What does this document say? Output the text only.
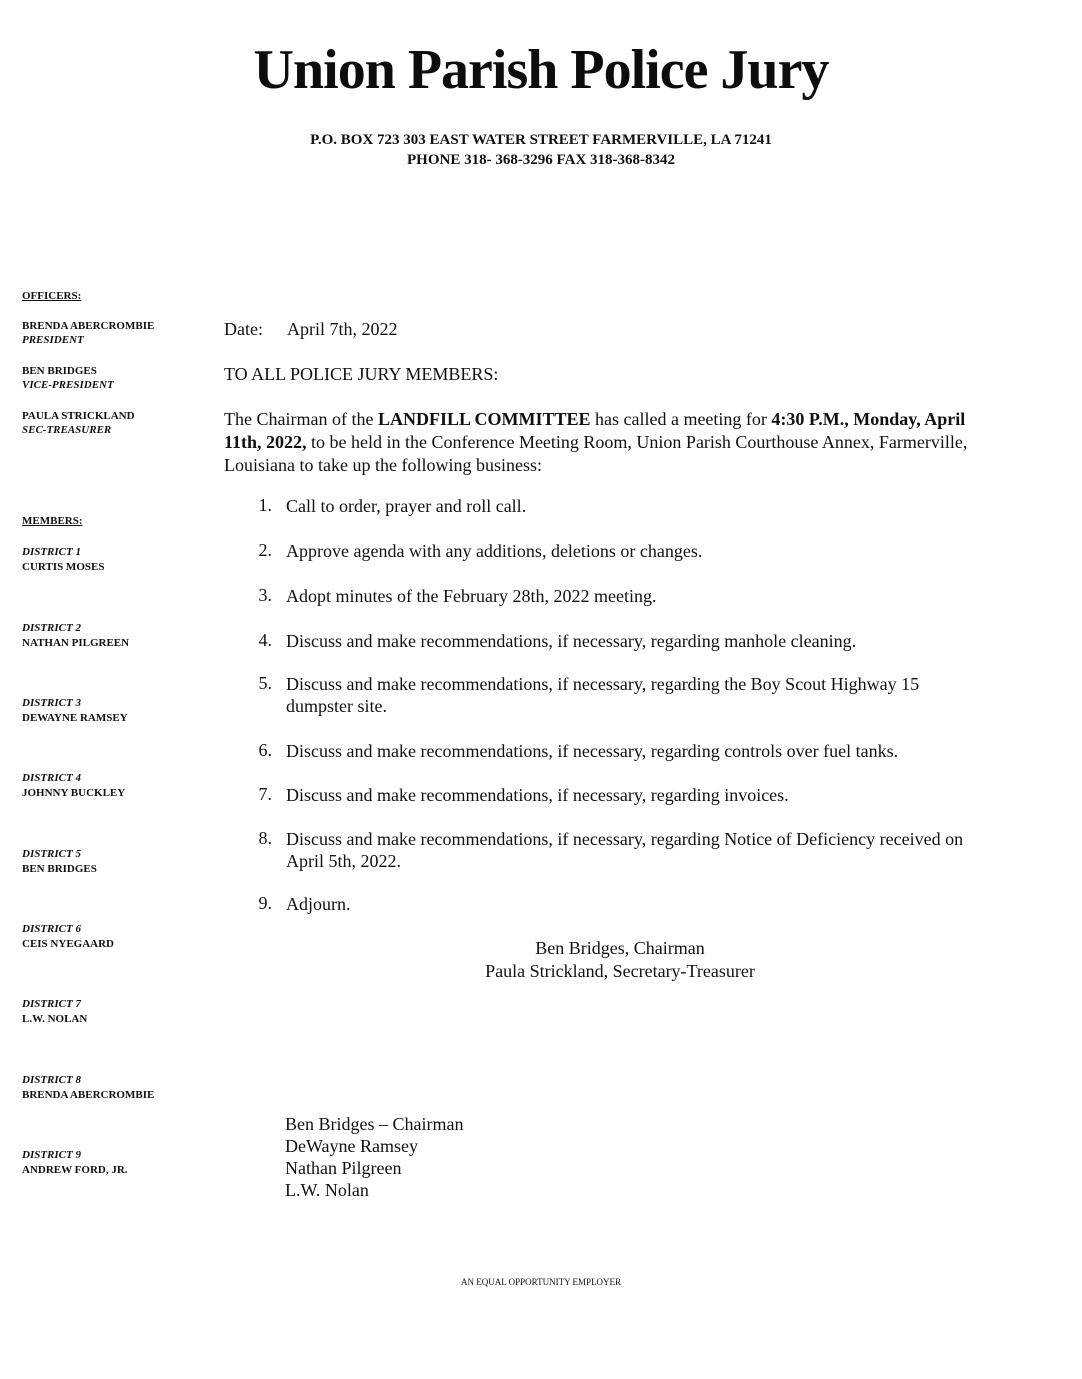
Union Parish Police Jury
P.O. BOX 723 303 EAST WATER STREET FARMERVILLE, LA 71241
PHONE 318- 368-3296 FAX 318-368-8342
OFFICERS:
BRENDA ABERCROMBIE
PRESIDENT
BEN BRIDGES
VICE-PRESIDENT
PAULA STRICKLAND
SEC-TREASURER
MEMBERS:
DISTRICT 1
CURTIS MOSES
DISTRICT 2
NATHAN PILGREEN
DISTRICT 3
DEWAYNE RAMSEY
DISTRICT 4
JOHNNY BUCKLEY
DISTRICT 5
BEN BRIDGES
DISTRICT 6
CEIS NYEGAARD
DISTRICT 7
L.W. NOLAN
DISTRICT 8
BRENDA ABERCROMBIE
DISTRICT 9
ANDREW FORD, JR.
Date: April 7th, 2022
TO ALL POLICE JURY MEMBERS:
The Chairman of the LANDFILL COMMITTEE has called a meeting for 4:30 P.M., Monday, April 11th, 2022, to be held in the Conference Meeting Room, Union Parish Courthouse Annex, Farmerville, Louisiana to take up the following business:
1. Call to order, prayer and roll call.
2. Approve agenda with any additions, deletions or changes.
3. Adopt minutes of the February 28th, 2022 meeting.
4. Discuss and make recommendations, if necessary, regarding manhole cleaning.
5. Discuss and make recommendations, if necessary, regarding the Boy Scout Highway 15 dumpster site.
6. Discuss and make recommendations, if necessary, regarding controls over fuel tanks.
7. Discuss and make recommendations, if necessary, regarding invoices.
8. Discuss and make recommendations, if necessary, regarding Notice of Deficiency received on April 5th, 2022.
9. Adjourn.
Ben Bridges, Chairman
Paula Strickland, Secretary-Treasurer
Ben Bridges – Chairman
DeWayne Ramsey
Nathan Pilgreen
L.W. Nolan
AN EQUAL OPPORTUNITY EMPLOYER
